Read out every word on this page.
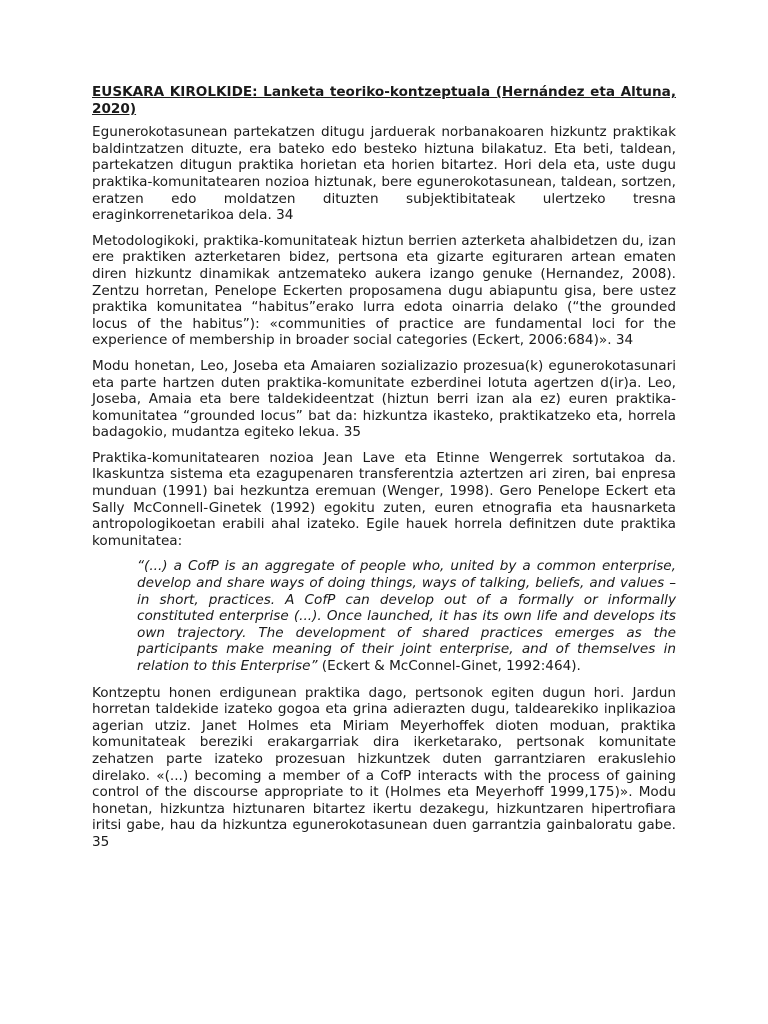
EUSKARA KIROLKIDE: Lanketa teoriko-kontzeptuala (Hernández eta Altuna, 2020)

Egunerokotasunean partekatzen ditugu jarduerak norbanakoaren hizkuntz praktikak baldintzatzen dituzte, era bateko edo besteko hiztuna bilakatuz. Eta beti, taldean, partekatzen ditugun praktika horietan eta horien bitartez. Hori dela eta, uste dugu praktika-komunitatearen nozioa hiztunak, bere egunerokotasunean, taldean, sortzen, eratzen edo moldatzen dituzten subjektibitateak ulertzeko tresna eraginkorrenetarikoa dela. 34

Metodologikoki, praktika-komunitateak hiztun berrien azterketa ahalbidetzen du, izan ere praktiken azterketaren bidez, pertsona eta gizarte egituraren artean ematen diren hizkuntz dinamikak antzemateko aukera izango genuke (Hernandez, 2008). Zentzu horretan, Penelope Eckerten proposamena dugu abiapuntu gisa, bere ustez praktika komunitatea “habitus”erako lurra edota oinarria delako (“the grounded locus of the habitus”): «communities of practice are fundamental loci for the experience of membership in broader social categories (Eckert, 2006:684)». 34

Modu honetan, Leo, Joseba eta Amaiaren sozializazio prozesua(k) egunerokotasunari eta parte hartzen duten praktika-komunitate ezberdinei lotuta agertzen d(ir)a. Leo, Joseba, Amaia eta bere taldekideentzat (hiztun berri izan ala ez) euren praktika-komunitatea “grounded locus” bat da: hizkuntza ikasteko, praktikatzeko eta, horrela badagokio, mudantza egiteko lekua. 35

Praktika-komunitatearen nozioa Jean Lave eta Etinne Wengerrek sortutakoa da. Ikaskuntza sistema eta ezagupenaren transferentzia aztertzen ari ziren, bai enpresa munduan (1991) bai hezkuntza eremuan (Wenger, 1998). Gero Penelope Eckert eta Sally McConnell-Ginetek (1992) egokitu zuten, euren etnografia eta hausnarketa antropologikoetan erabili ahal izateko. Egile hauek horrela definitzen dute praktika komunitatea:

“(...) a CofP is an aggregate of people who, united by a common enterprise, develop and share ways of doing things, ways of talking, beliefs, and values –in short, practices. A CofP can develop out of a formally or informally constituted enterprise (...). Once launched, it has its own life and develops its own trajectory. The development of shared practices emerges as the participants make meaning of their joint enterprise, and of themselves in relation to this Enterprise” (Eckert & McConnel-Ginet, 1992:464).

Kontzeptu honen erdigunean praktika dago, pertsonok egiten dugun hori. Jardun horretan taldekide izateko gogoa eta grina adierazten dugu, taldearekiko inplikazioa agerian utziz. Janet Holmes eta Miriam Meyerhoffek dioten moduan, praktika komunitateak bereziki erakargarriak dira ikerketarako, pertsonak komunitate zehatzen parte izateko prozesuan hizkuntzek duten garrantziaren erakuslehio direlako. «(...) becoming a member of a CofP interacts with the process of gaining control of the discourse appropriate to it (Holmes eta Meyerhoff 1999,175)». Modu honetan, hizkuntza hiztunaren bitartez ikertu dezakegu, hizkuntzaren hipertrofiara iritsi gabe, hau da hizkuntza egunerokotasunean duen garrantzia gainbaloratu gabe. 35
